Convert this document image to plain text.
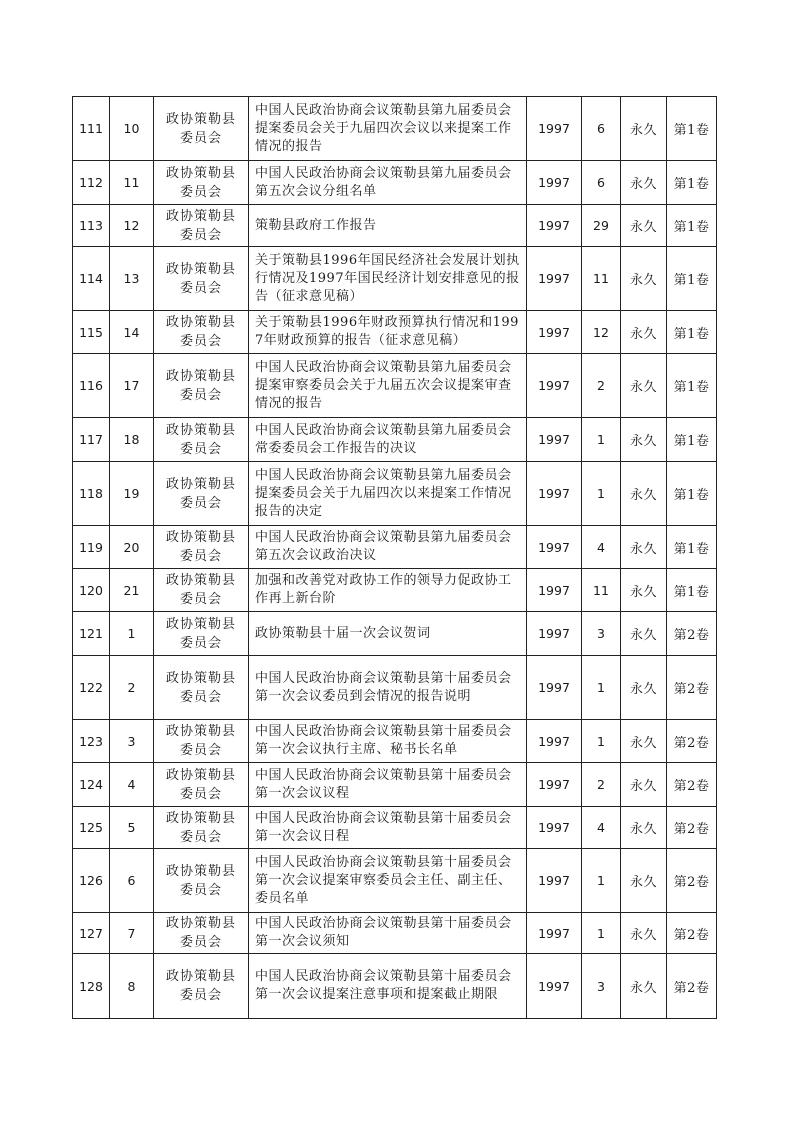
111	10	政协策勒县
委员会	中国人民政治协商会议策勒县第九届委员会提案委员会关于九届四次会议以来提案工作情况的报告	1997	6	永久	第1卷
112	11	政协策勒县
委员会	中国人民政治协商会议策勒县第九届委员会第五次会议分组名单	1997	6	永久	第1卷
113	12	政协策勒县
委员会	策勒县政府工作报告	1997	29	永久	第1卷
114	13	政协策勒县
委员会	关于策勒县1996年国民经济社会发展计划执行情况及1997年国民经济计划安排意见的报告（征求意见稿）	1997	11	永久	第1卷
115	14	政协策勒县
委员会	关于策勒县1996年财政预算执行情况和1997年财政预算的报告（征求意见稿）	1997	12	永久	第1卷
116	17	政协策勒县
委员会	中国人民政治协商会议策勒县第九届委员会提案审察委员会关于九届五次会议提案审查情况的报告	1997	2	永久	第1卷
117	18	政协策勒县
委员会	中国人民政治协商会议策勒县第九届委员会常委委员会工作报告的决议	1997	1	永久	第1卷
118	19	政协策勒县
委员会	中国人民政治协商会议策勒县第九届委员会提案委员会关于九届四次以来提案工作情况报告的决定	1997	1	永久	第1卷
119	20	政协策勒县
委员会	中国人民政治协商会议策勒县第九届委员会第五次会议政治决议	1997	4	永久	第1卷
120	21	政协策勒县
委员会	加强和改善党对政协工作的领导力促政协工作再上新台阶	1997	11	永久	第1卷
121	1	政协策勒县
委员会	政协策勒县十届一次会议贺词	1997	3	永久	第2卷
122	2	政协策勒县
委员会	中国人民政治协商会议策勒县第十届委员会第一次会议委员到会情况的报告说明	1997	1	永久	第2卷
123	3	政协策勒县
委员会	中国人民政治协商会议策勒县第十届委员会第一次会议执行主席、秘书长名单	1997	1	永久	第2卷
124	4	政协策勒县
委员会	中国人民政治协商会议策勒县第十届委员会第一次会议议程	1997	2	永久	第2卷
125	5	政协策勒县
委员会	中国人民政治协商会议策勒县第十届委员会第一次会议日程	1997	4	永久	第2卷
126	6	政协策勒县
委员会	中国人民政治协商会议策勒县第十届委员会第一次会议提案审察委员会主任、副主任、委员名单	1997	1	永久	第2卷
127	7	政协策勒县
委员会	中国人民政治协商会议策勒县第十届委员会第一次会议须知	1997	1	永久	第2卷
128	8	政协策勒县
委员会	中国人民政治协商会议策勒县第十届委员会第一次会议提案注意事项和提案截止期限	1997	3	永久	第2卷
